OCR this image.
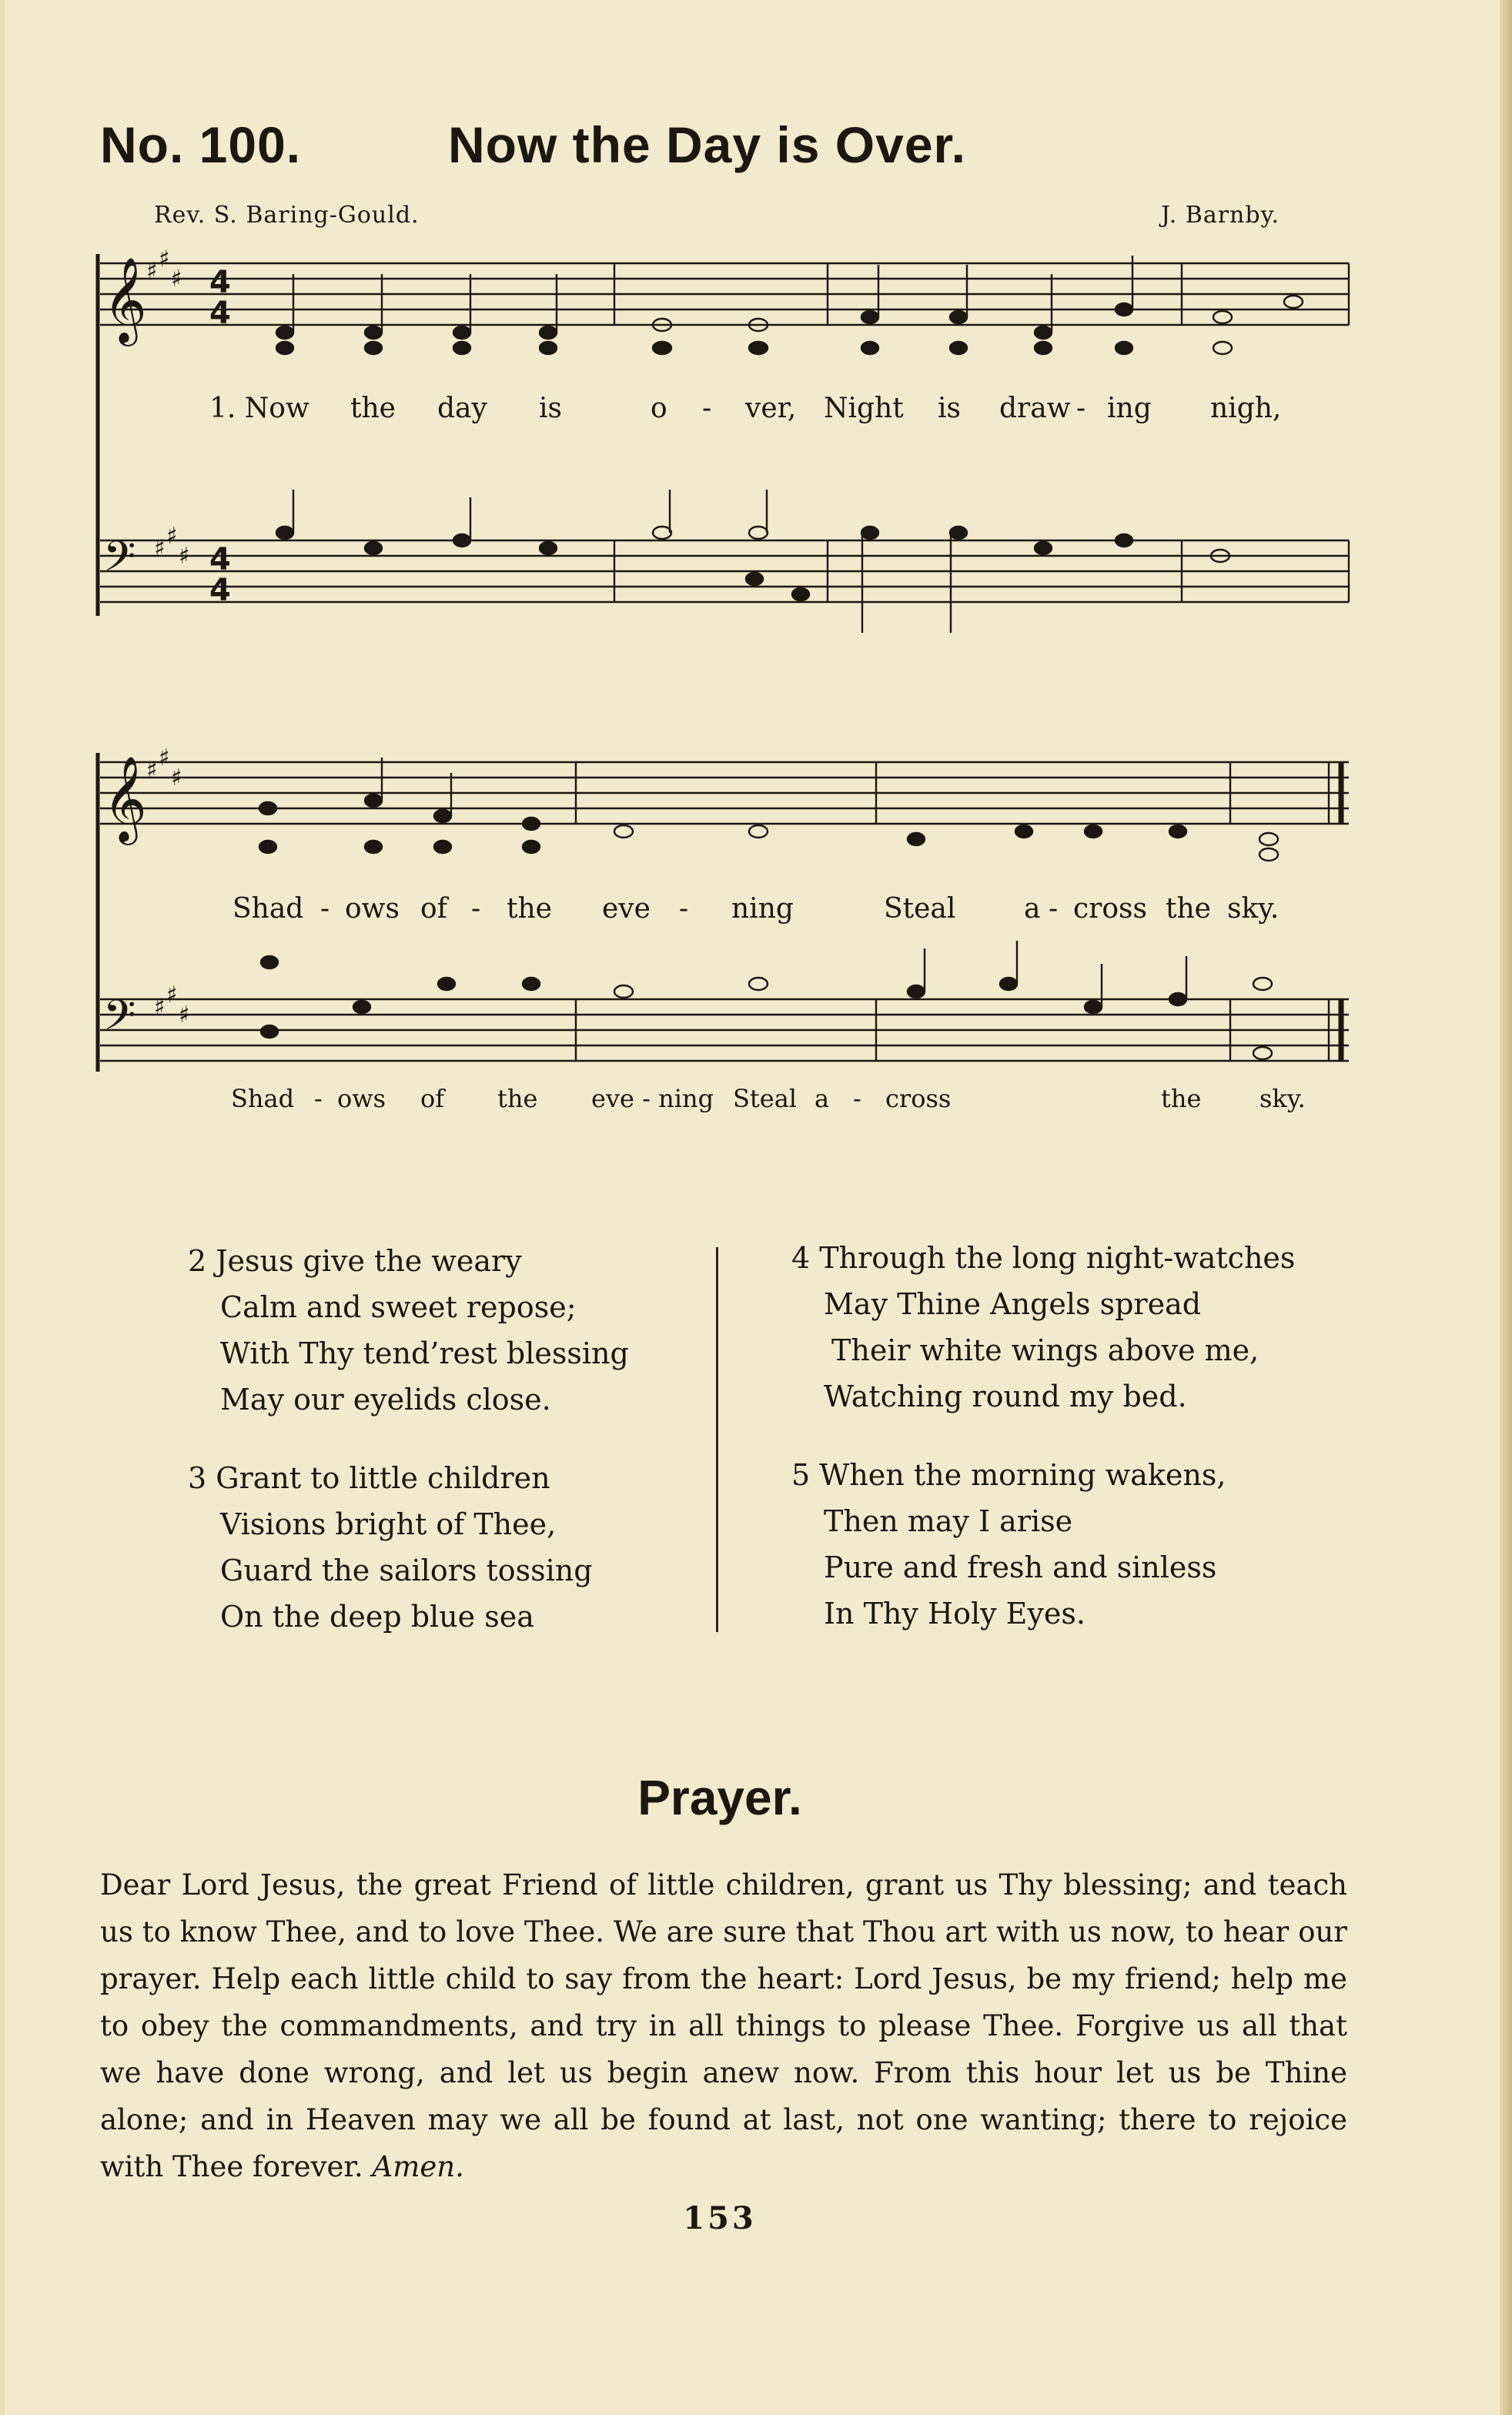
No. 100.	Now the Day is Over.
Rev. S. Baring-Gould.	J. Barnby.
𝄞
𝄢
𝄞
𝄢
♯ ♯
♯
♯ ♯
♯
♯ ♯
♯
♯ ♯
♯
4
4
4
4
1. Now the day is	o - ver, Night is draw - ing nigh,
Shad - ows of - the eve - ning	Steal a - cross the sky.
Shad - ows of the eve - ning Steal a - cross	the sky.
2 Jesus give the weary
Calm and sweet repose;
With Thy tend’rest blessing
May our eyelids close.
3 Grant to little children
Visions bright of Thee,
Guard the sailors tossing
On the deep blue sea
4 Through the long night-watches
May Thine Angels spread
Their white wings above me,
Watching round my bed.
5 When the morning wakens,
Then may I arise
Pure and fresh and sinless
In Thy Holy Eyes.
Prayer.
Dear Lord Jesus, the great Friend of little children, grant us Thy blessing; and teach us to know Thee, and to love Thee. We are sure that Thou art with us now, to hear our prayer. Help each little child to say from the heart: Lord Jesus, be my friend; help me to obey the commandments, and try in all things to please Thee. Forgive us all that we have done wrong, and let us begin anew now. From this hour let us be Thine alone; and in Heaven may we all be found at last, not one wanting; there to rejoice with Thee forever. Amen.
153
